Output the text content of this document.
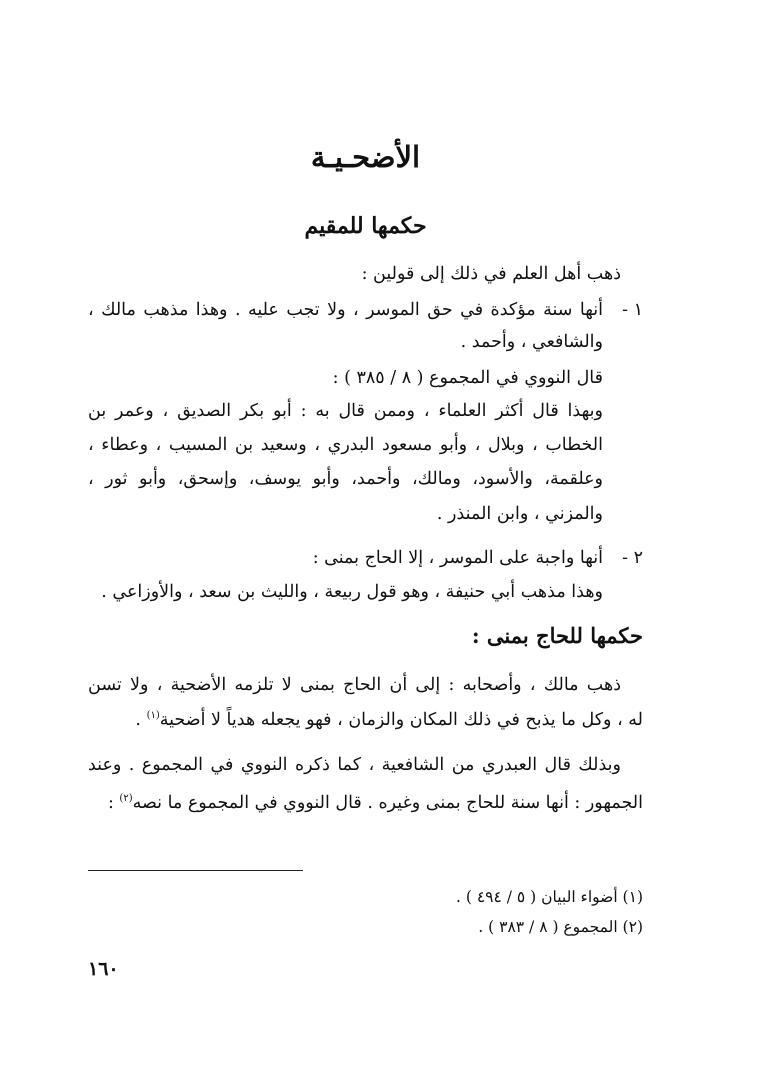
الأضحـيـة
حكمها للمقيم

ذهب أهل العلم في ذلك إلى قولين :

١ -

أنها سنة مؤكدة في حق الموسر ، ولا تجب عليه . وهذا مذهب مالك ،

والشافعي ، وأحمد .

قال النووي في المجموع ( ٨ / ٣٨٥ ) :

وبهذا قال أكثر العلماء ، وممن قال به : أبو بكر الصديق ، وعمر بن

الخطاب ، وبلال ، وأبو مسعود البدري ، وسعيد بن المسيب ، وعطاء ،

وعلقمة، والأسود، ومالك، وأحمد، وأبو يوسف، وإسحق، وأبو ثور ،

والمزني ، وابن المنذر .

٢ -

أنها واجبة على الموسر ، إلا الحاج بمنى :

وهذا مذهب أبي حنيفة ، وهو قول ربيعة ، والليث بن سعد ، والأوزاعي .

حكمها للحاج بمنى :

ذهب مالك ، وأصحابه : إلى أن الحاج بمنى لا تلزمه الأضحية ، ولا تسن

له ، وكل ما يذبح في ذلك المكان والزمان ، فهو يجعله هدياً لا أضحية$^{(١)}$ .

وبذلك قال العبدري من الشافعية ، كما ذكره النووي في المجموع . وعند

الجمهور : أنها سنة للحاج بمنى وغيره . قال النووي في المجموع ما نصه$^{(٢)}$ :

(١) أضواء البيان ( ٥ / ٤٩٤ ) .

(٢) المجموع ( ٨ / ٣٨٣ ) .

١٦٠
